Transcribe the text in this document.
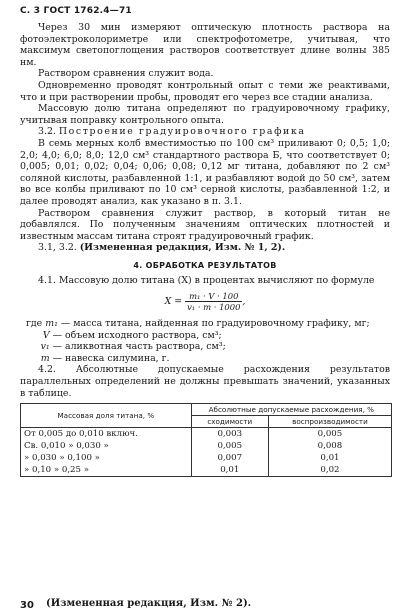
С. 3 ГОСТ 1762.4—71

Через 30 мин измеряют оптическую плотность раствора на фотоэлектроколориметре или спектрофотометре, учитывая, что максимум светопоглощения растворов соответствует длине волны 385 нм.

Раствором сравнения служит вода.

Одновременно проводят контрольный опыт с теми же реактивами, что и при растворении пробы, проводят его через все стадии анализа.

Массовую долю титана определяют по градуировочному графику, учитывая поправку контрольного опыта.

3.2. Построение градуировочного графика

В семь мерных колб вместимостью по 100 см³ приливают 0; 0,5; 1,0; 2,0; 4,0; 6,0; 8,0; 12,0 см³ стандартного раствора Б, что соответствует 0; 0,005; 0,01; 0,02; 0,04; 0,06; 0,08; 0,12 мг титана, добавляют по 2 см³ соляной кислоты, разбавленной 1:1, и разбавляют водой до 50 см³, затем во все колбы приливают по 10 см³ серной кислоты, разбавленной 1:2, и далее проводят анализ, как указано в п. 3.1.

Раствором сравнения служит раствор, в который титан не добавлялся. По полученным значениям оптических плотностей и известным массам титана строят градуировочный график.

3.1, 3.2. (Измененная редакция, Изм. № 1, 2).

4. ОБРАБОТКА РЕЗУЛЬТАТОВ

4.1. Массовую долю титана (X) в процентах вычисляют по формуле

$X = \frac{\text{m₁ · V · 100}}{\text{v₁ · m · 1000}}$ ,

где m₁ — масса титана, найденная по градуировочному графику, мг;

V — объем исходного раствора, см³;

v₁ — аликвотная часть раствора, см³;

m — навеска силумина, г.

4.2. Абсолютные допускаемые расхождения результатов параллельных определений не должны превышать значений, указанных в таблице.

Массовая доля титана, %	Абсолютные допускаемые расхождения, %	
	сходимости	воспроизводимости
От 0,005 до 0,010 включ.	0,003	0,005
Св. 0,010 » 0,030 »	0,005	0,008
» 0,030 » 0,100 »	0,007	0,01
» 0,10 » 0,25 »	0,01	0,02
30 (Измененная редакция, Изм. № 2).
